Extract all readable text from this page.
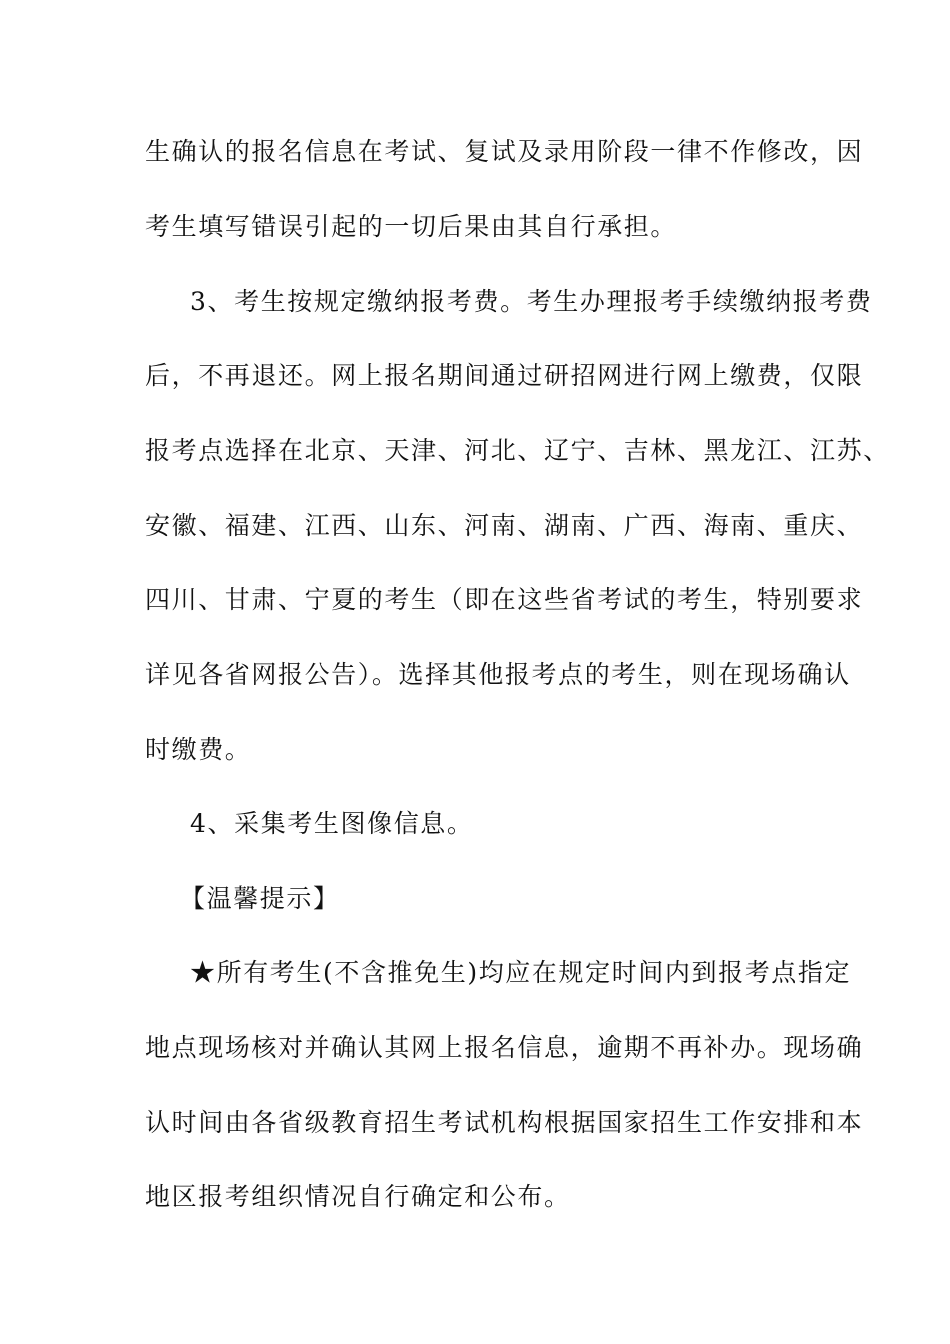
生确认的报名信息在考试、复试及录用阶段一律不作修改，因
考生填写错误引起的一切后果由其自行承担。
3、考生按规定缴纳报考费。考生办理报考手续缴纳报考费
后，不再退还。网上报名期间通过研招网进行网上缴费，仅限
报考点选择在北京、天津、河北、辽宁、吉林、黑龙江、江苏、
安徽、福建、江西、山东、河南、湖南、广西、海南、重庆、
四川、甘肃、宁夏的考生（即在这些省考试的考生，特别要求
详见各省网报公告）。选择其他报考点的考生，则在现场确认
时缴费。
4、采集考生图像信息。
【温馨提示】
★所有考生(不含推免生)均应在规定时间内到报考点指定
地点现场核对并确认其网上报名信息，逾期不再补办。现场确
认时间由各省级教育招生考试机构根据国家招生工作安排和本
地区报考组织情况自行确定和公布。
